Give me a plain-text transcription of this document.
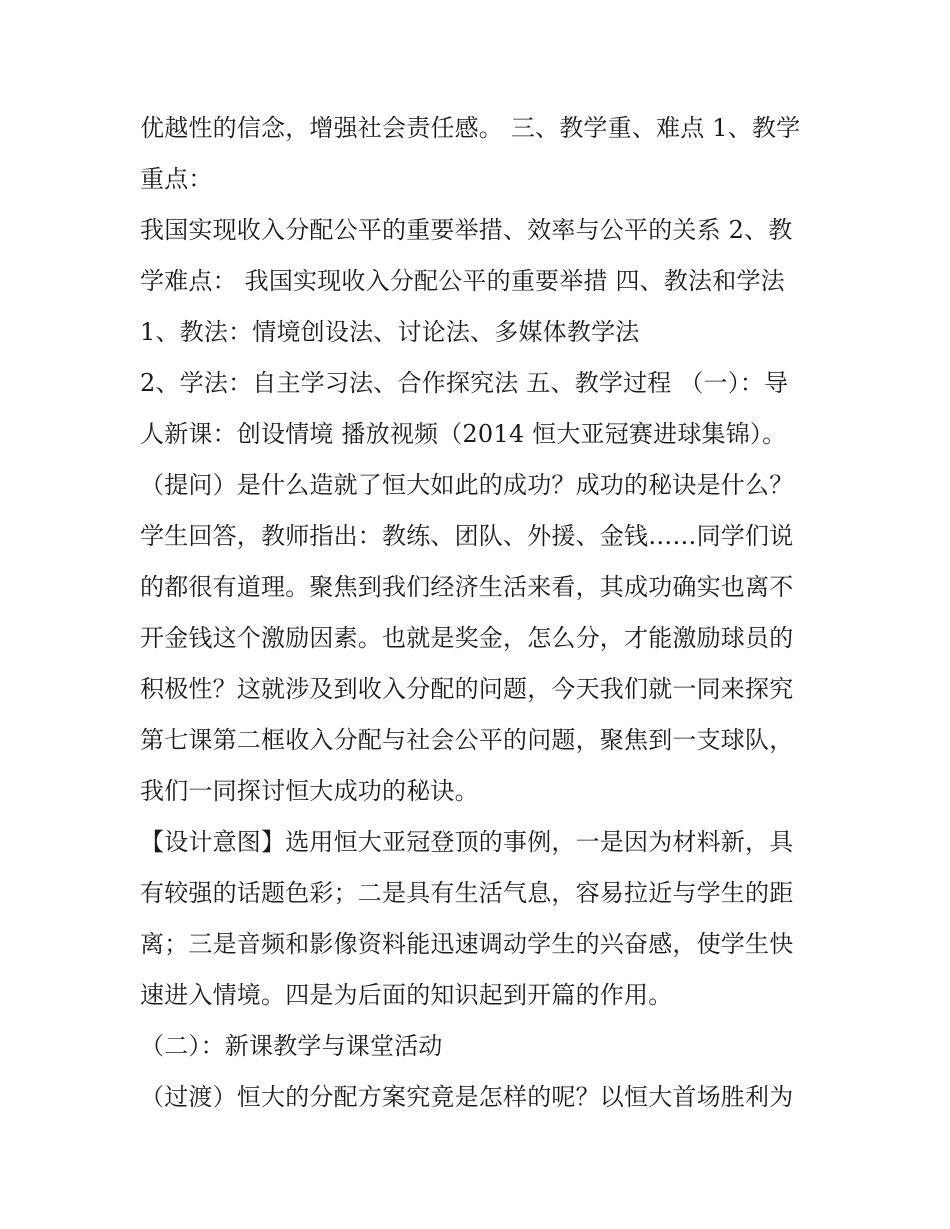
优越性的信念，增强社会责任感。 三、教学重、难点 1、教学
重点：
我国实现收入分配公平的重要举措、效率与公平的关系 2、教
学难点： 我国实现收入分配公平的重要举措 四、教法和学法
1、教法：情境创设法、讨论法、多媒体教学法
2、学法：自主学习法、合作探究法 五、教学过程 （一）：导
人新课：创设情境 播放视频（2014 恒大亚冠赛进球集锦）。
（提问）是什么造就了恒大如此的成功？成功的秘诀是什么？
学生回答，教师指出：教练、团队、外援、金钱……同学们说
的都很有道理。聚焦到我们经济生活来看，其成功确实也离不
开金钱这个激励因素。也就是奖金，怎么分，才能激励球员的
积极性？这就涉及到收入分配的问题，今天我们就一同来探究
第七课第二框收入分配与社会公平的问题，聚焦到一支球队，
我们一同探讨恒大成功的秘诀。
【设计意图】选用恒大亚冠登顶的事例，一是因为材料新，具
有较强的话题色彩；二是具有生活气息，容易拉近与学生的距
离；三是音频和影像资料能迅速调动学生的兴奋感，使学生快
速进入情境。四是为后面的知识起到开篇的作用。
（二）：新课教学与课堂活动
（过渡）恒大的分配方案究竟是怎样的呢？以恒大首场胜利为
